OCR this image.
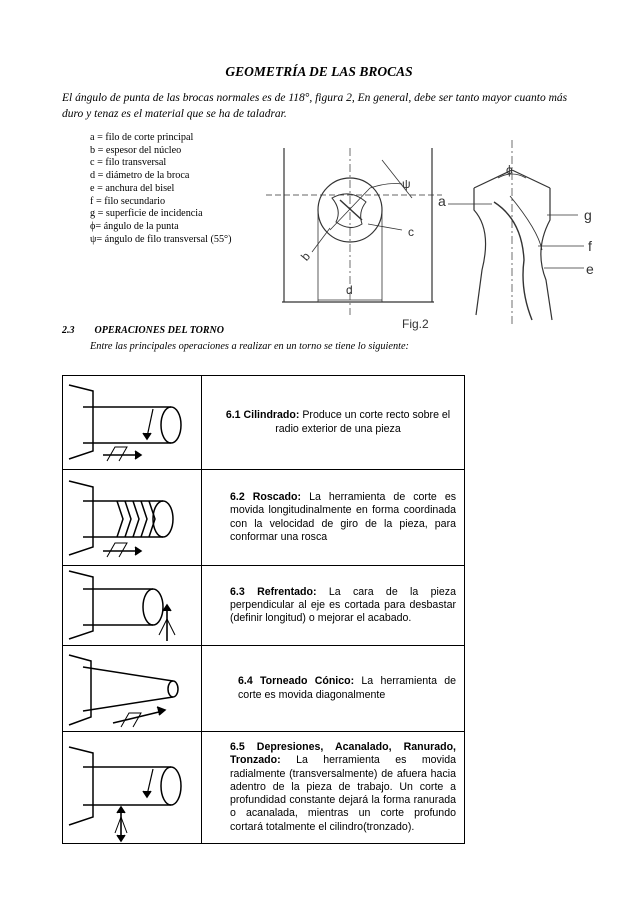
GEOMETRÍA DE LAS BROCAS
El ángulo de punta de las brocas normales es de 118°, figura 2, En general, debe ser tanto mayor cuanto más duro y tenaz es el material que se ha de taladrar.
a = filo de corte principal
b = espesor del núcleo
c = filo transversal
d = diámetro de la broca
e = anchura del bisel
f = filo secundario
g = superficie de incidencia
ϕ= ángulo de la punta
ψ= ángulo de filo transversal (55°)
a
g
f
e
ϕ
ψ
c
d
b
Fig.2
2.3 OPERACIONES DEL TORNO
Entre las principales operaciones a realizar en un torno se tiene lo siguiente:

6.1 Cilindrado: Produce un corte recto sobre el radio exterior de una pieza

6.2 Roscado: La herramienta de corte es movida longitudinalmente en forma coordinada con la velocidad de giro de la pieza, para conformar una rosca

6.3 Refrentado: La cara de la pieza perpendicular al eje es cortada para desbastar (definir longitud) o mejorar el acabado.

6.4 Torneado Cónico: La herramienta de corte es movida diagonalmente

6.5 Depresiones, Acanalado, Ranurado, Tronzado: La herramienta es movida radialmente (transversalmente) de afuera hacia adentro de la pieza de trabajo. Un corte a profundidad constante dejará la forma ranurada o acanalada, mientras un corte profundo cortará totalmente el cilindro(tronzado).
